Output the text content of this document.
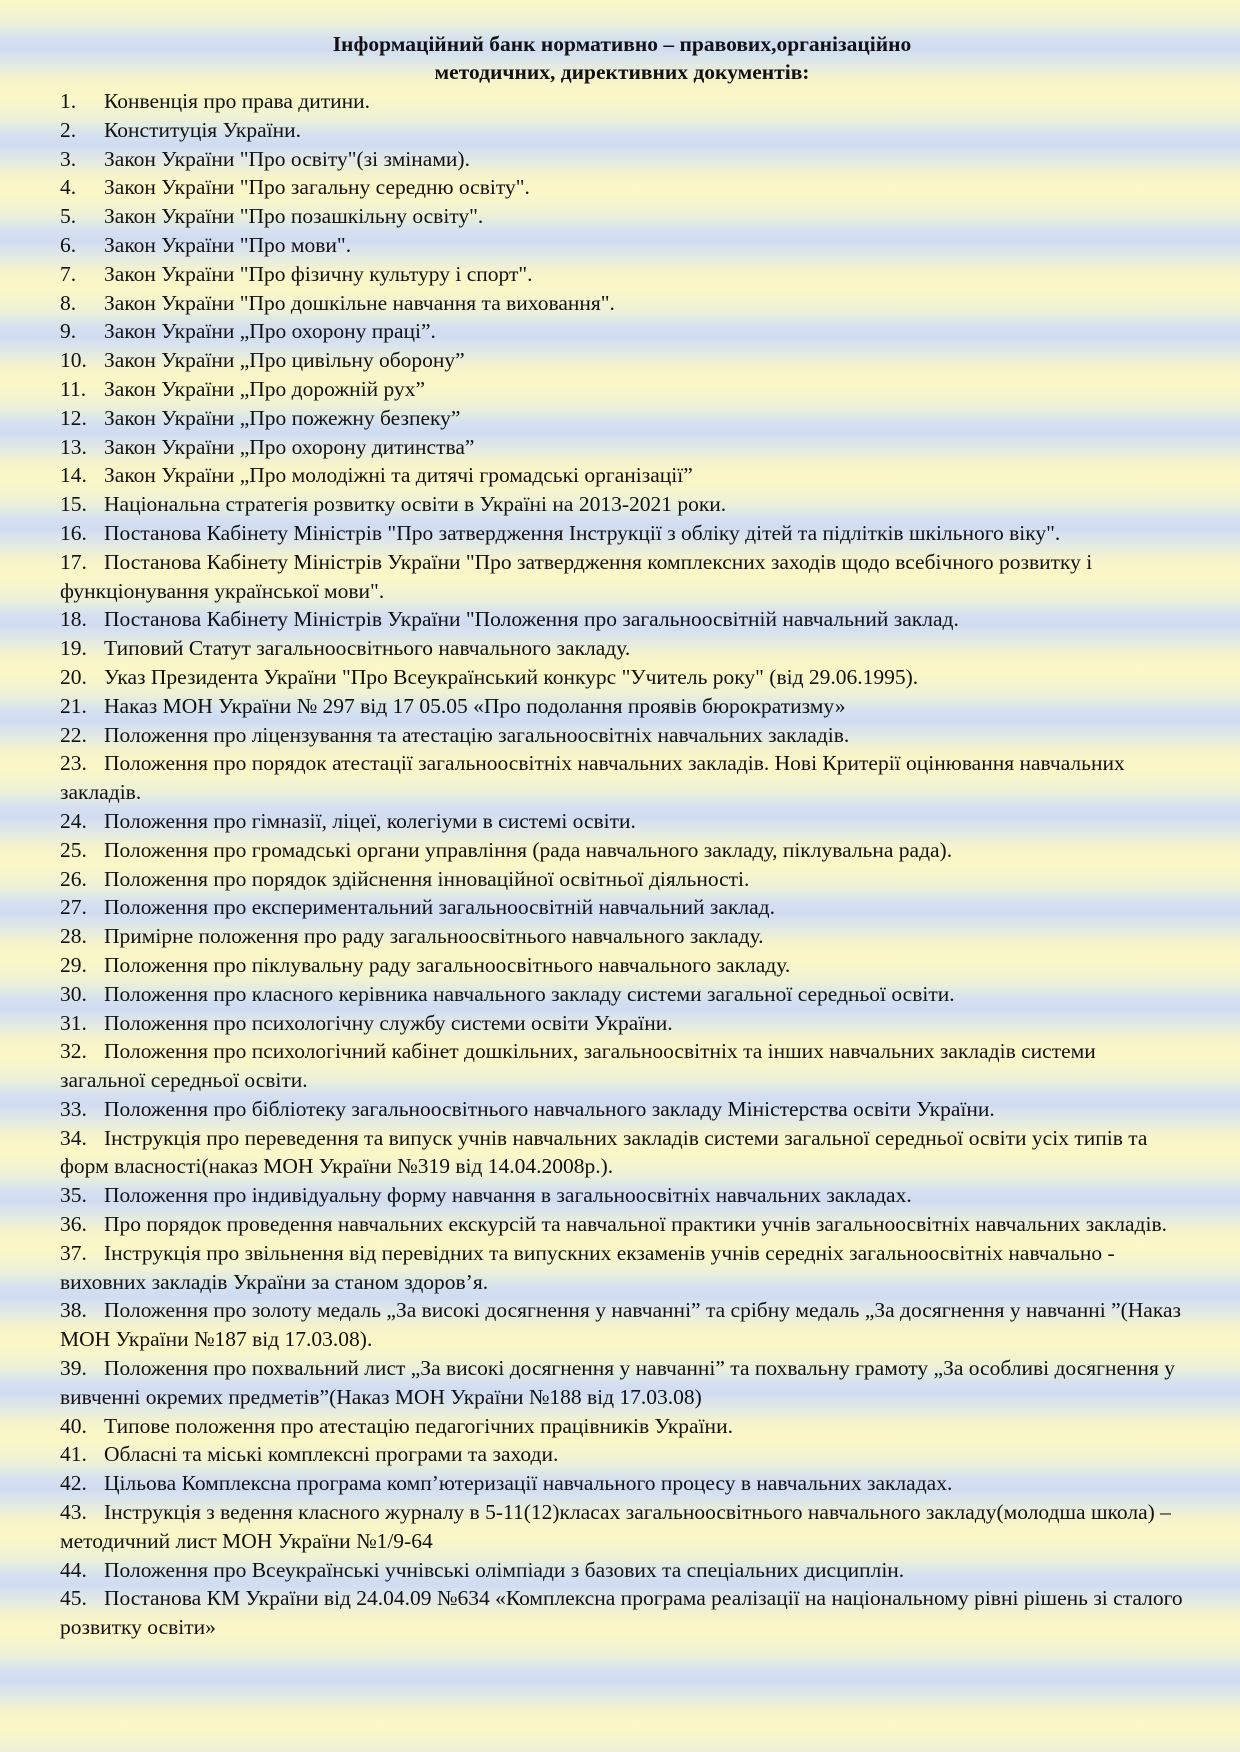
Інформаційний банк нормативно – правових,організаційно
методичних, директивних документів:
1. Конвенція про права дитини.
2. Конституція України.
3. Закон України "Про освіту"(зі змінами).
4. Закон України "Про загальну середню освіту".
5. Закон України "Про позашкільну освіту".
6. Закон України "Про мови".
7. Закон України "Про фізичну культуру і спорт".
8. Закон України "Про дошкільне навчання та виховання".
9. Закон України „Про охорону праці”.
10. Закон України „Про цивільну оборону”
11. Закон України „Про дорожній рух”
12. Закон України „Про пожежну безпеку”
13. Закон України „Про охорону дитинства”
14. Закон України „Про молодіжні та дитячі громадські організації”
15. Національна стратегія розвитку освіти в Україні на 2013-2021 роки.
16. Постанова Кабінету Міністрів "Про затвердження Інструкції з обліку дітей та підлітків шкільного віку".
17. Постанова Кабінету Міністрів України "Про затвердження комплексних заходів щодо всебічного розвитку і функціонування української мови".
18. Постанова Кабінету Міністрів України "Положення про загальноосвітній навчальний заклад.
19. Типовий Статут загальноосвітнього навчального закладу.
20. Указ Президента України "Про Всеукраїнський конкурс "Учитель року" (від 29.06.1995).
21. Наказ МОН України № 297 від 17 05.05 «Про подолання проявів бюрократизму»
22. Положення про ліцензування та атестацію загальноосвітніх навчальних закладів.
23. Положення про порядок атестації загальноосвітніх навчальних закладів. Нові Критерії оцінювання навчальних закладів.
24. Положення про гімназії, ліцеї, колегіуми в системі освіти.
25. Положення про громадські органи управління (рада навчального закладу, піклувальна рада).
26. Положення про порядок здійснення інноваційної освітньої діяльності.
27. Положення про експериментальний загальноосвітній навчальний заклад.
28. Примірне положення про раду загальноосвітнього навчального закладу.
29. Положення про піклувальну раду загальноосвітнього навчального закладу.
30. Положення про класного керівника навчального закладу системи загальної середньої освіти.
31. Положення про психологічну службу системи освіти України.
32. Положення про психологічний кабінет дошкільних, загальноосвітніх та інших навчальних закладів системи загальної середньої освіти.
33. Положення про бібліотеку загальноосвітнього навчального закладу Міністерства освіти України.
34. Інструкція про переведення та випуск учнів навчальних закладів системи загальної середньої освіти усіх типів та форм власності(наказ МОН України №319 від 14.04.2008р.).
35. Положення про індивідуальну форму навчання в загальноосвітніх навчальних закладах.
36. Про порядок проведення навчальних екскурсій та навчальної практики учнів загальноосвітніх навчальних закладів.
37. Інструкція про звільнення від перевідних та випускних екзаменів учнів середніх загальноосвітніх навчально - виховних закладів України за станом здоров’я.
38. Положення про золоту медаль „За високі досягнення у навчанні” та срібну медаль „За досягнення у навчанні ”(Наказ МОН України №187 від 17.03.08).
39. Положення про похвальний лист „За високі досягнення у навчанні” та похвальну грамоту „За особливі досягнення у вивченні окремих предметів”(Наказ МОН України №188 від 17.03.08)
40. Типове положення про атестацію педагогічних працівників України.
41. Обласні та міські комплексні програми та заходи.
42. Цільова Комплексна програма комп’ютеризації навчального процесу в навчальних закладах.
43. Інструкція з ведення класного журналу в 5-11(12)класах загальноосвітнього навчального закладу(молодша школа) – методичний лист МОН України №1/9-64
44. Положення про Всеукраїнські учнівські олімпіади з базових та спеціальних дисциплін.
45. Постанова КМ України від 24.04.09 №634 «Комплексна програма реалізації на національному рівні рішень зі сталого розвитку освіти»
